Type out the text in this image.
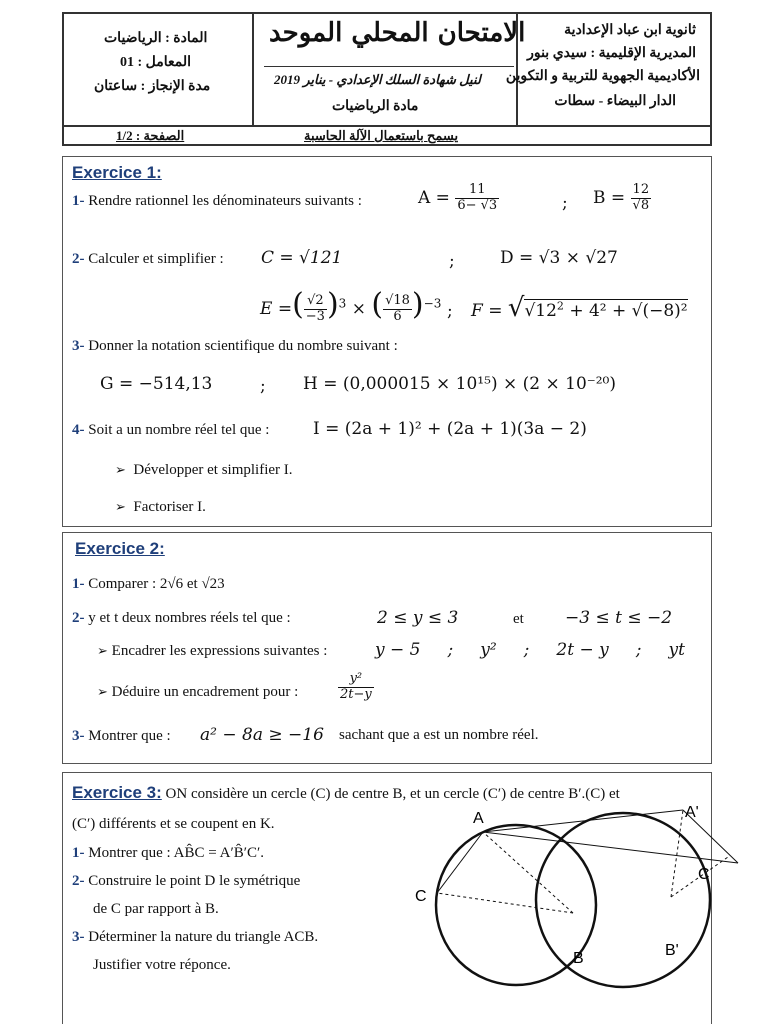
ثانوية ابن عباد الإعدادية
المديرية الإقليمية : سيدي بنور
الأكاديمية الجهوية للتربية و التكوين
الدار البيضاء - سطات
الامتحان المحلي الموحد
لنيل شهادة السلك الإعدادي - يناير 2019
مادة الرياضيات
يسمح باستعمال الآلة الحاسبة
المادة : الرياضيات
المعامل : 01
مدة الإنجاز : ساعتان
الصفحة : 1/2
Exercice 1:
1- Rendre rationnel les dénominateurs suivants :	$A = \frac{11}{6- √3}$	; $B = \frac{12}{√8}$
2- Calculer et simplifier : C = √121	;	D = √3 × √27
E =( $\frac{√2}{-3} )^3$ × ( $\frac{√18}{6} )^{-3}$ ; $F = √√12^2 + 4^2 + √(-8)^2$
3- Donner la notation scientifique du nombre suivant :
G = −514,13	; H = (0,000015 × 10¹⁵) × (2 × 10⁻²⁰)
4- Soit a un nombre réel tel que :	I = (2a + 1)² + (2a + 1)(3a − 2)
➢ Développer et simplifier I.
➢ Factoriser I.
Exercice 2:
1- Comparer : 2√6 et √23
2- y et t deux nombres réels tel que :	2 ≤ y ≤ 3	et −3 ≤ t ≤ −2
➢ Encadrer les expressions suivantes :	y − 5     ;     y²     ;     2t − y     ;     yt
➢ Déduire un encadrement pour :	$\frac{\text{y²}}{2t-y}$
3- Montrer que : a² − 8a ≥ −16 sachant que a est un nombre réel.
Exercice 3: ON considère un cercle (C) de centre B, et un cercle (C′) de centre B′.(C) et
(C′) différents et se coupent en K.
1- Montrer que : AB̂C = A′B̂′C′.
2- Construire le point D le symétrique
de C par rapport à B.
3- Déterminer la nature du triangle ACB.
Justifier votre réponce.
A
C
B
A'
B'
C
